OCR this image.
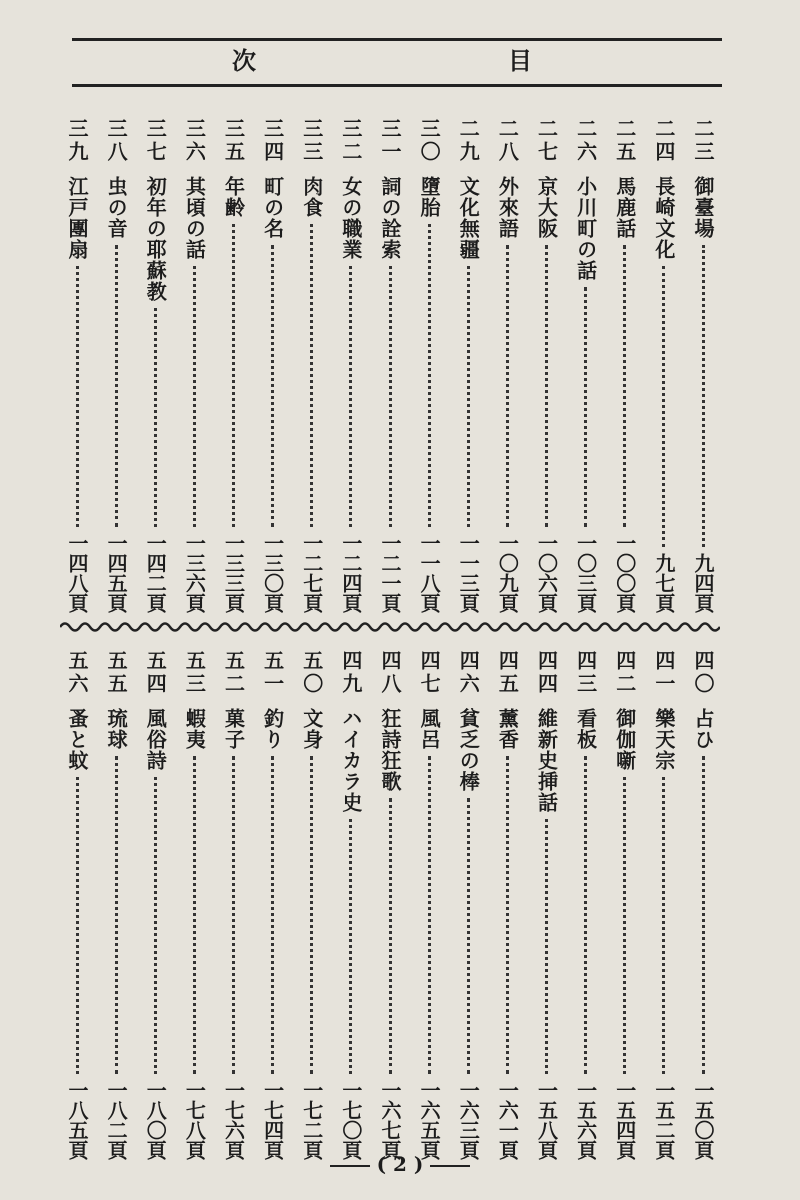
次	目
二三
御臺場
九四頁
二四
長崎文化
九七頁
二五
馬鹿話
一〇〇頁
二六
小川町の話
一〇三頁
二七
京大阪
一〇六頁
二八
外來語
一〇九頁
二九
文化無疆
一一三頁
三〇
墮胎
一一八頁
三一
詞の詮索
一二一頁
三二
女の職業
一二四頁
三三
肉食
一二七頁
三四
町の名
一三〇頁
三五
年齢
一三三頁
三六
其頃の話
一三六頁
三七
初年の耶蘇教
一四二頁
三八
虫の音
一四五頁
三九
江戸團扇
一四八頁
四〇
占ひ
一五〇頁
四一
樂天宗
一五二頁
四二
御伽噺
一五四頁
四三
看板
一五六頁
四四
維新史挿話
一五八頁
四五
薰香
一六一頁
四六
貧乏の棒
一六三頁
四七
風呂
一六五頁
四八
狂詩狂歌
一六七頁
四九
ハイカラ史
一七〇頁
五〇
文身
一七二頁
五一
釣り
一七四頁
五二
菓子
一七六頁
五三
蝦夷
一七八頁
五四
風俗詩
一八〇頁
五五
琉球
一八二頁
五六
蚤と蚊
一八五頁
( 2 )
